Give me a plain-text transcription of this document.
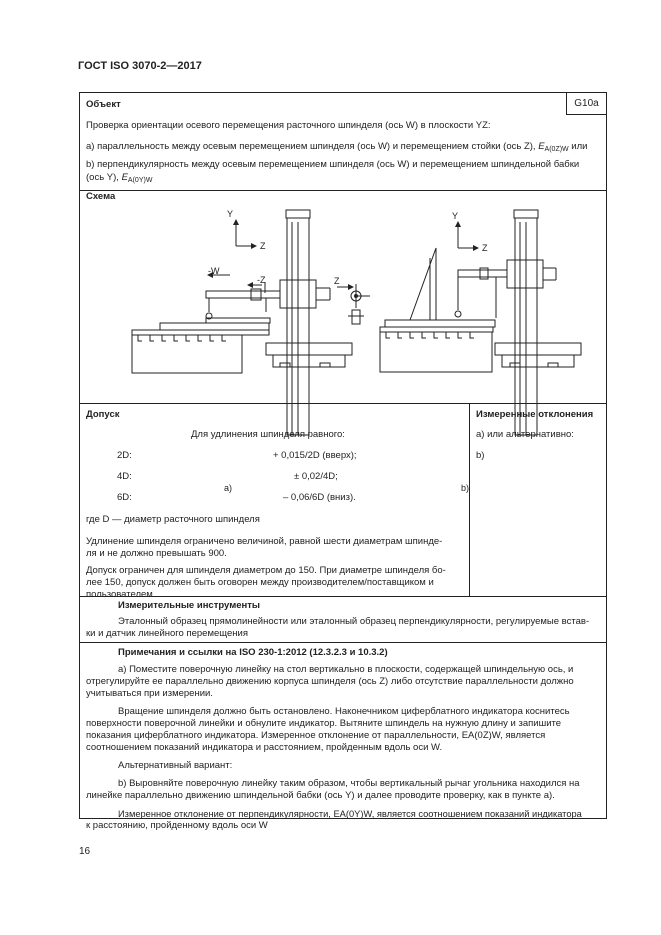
ГОСТ ISO 3070-2—2017
G10a
Объект
Проверка ориентации осевого перемещения расточного шпинделя (ось W) в плоскости YZ:
a) параллельность между осевым перемещением шпинделя (ось W) и перемещением стойки (ось Z), $E_{A(0Z)W}$ или
b) перпендикулярность между осевым перемещением шпинделя (ось W) и перемещением шпиндельной бабки
(ось Y), $E_{A(0Y)W}$
Схема
Y
Z
-W
-Z	Z
a)
Y
Z
b)
Допуск
Для удлинения шпинделя равного:
2D:	+ 0,015/2D (вверх);
4D:	± 0,02/4D;
6D:	– 0,06/6D (вниз).
где D — диаметр расточного шпинделя
Удлинение шпинделя ограничено величиной, равной шести диаметрам шпинде-
ля и не должно превышать 900.
Допуск ограничен для шпинделя диаметром до 150. При диаметре шпинделя бо-
лее 150, допуск должен быть оговорен между производителем/поставщиком и
пользователем
Измеренные отклонения
a) или альтернативно:
b)
Измерительные инструменты
Эталонный образец прямолинейности или эталонный образец перпендикулярности, регулируемые встав-
ки и датчик линейного перемещения
Примечания и ссылки на ISO 230-1:2012 (12.3.2.3 и 10.3.2)
a) Поместите поверочную линейку на стол вертикально в плоскости, содержащей шпиндельную ось, и
отрегулируйте ее параллельно движению корпуса шпинделя (ось Z) либо отсутствие параллельности должно
учитываться при измерении.
Вращение шпинделя должно быть остановлено. Наконечником циферблатного индикатора коснитесь
поверхности поверочной линейки и обнулите индикатор. Вытяните шпиндель на нужную длину и запишите
показания циферблатного индикатора. Измеренное отклонение от параллельности, EA(0Z)W, является
соотношением показаний индикатора и расстоянием, пройденным вдоль оси W.
Альтернативный вариант:
b) Выровняйте поверочную линейку таким образом, чтобы вертикальный рычаг угольника находился на
линейке параллельно движению шпиндельной бабки (ось Y) и далее проводите проверку, как в пункте a).
Измеренное отклонение от перпендикулярности, EA(0Y)W, является соотношением показаний индикатора
к расстоянию, пройденному вдоль оси W
16
